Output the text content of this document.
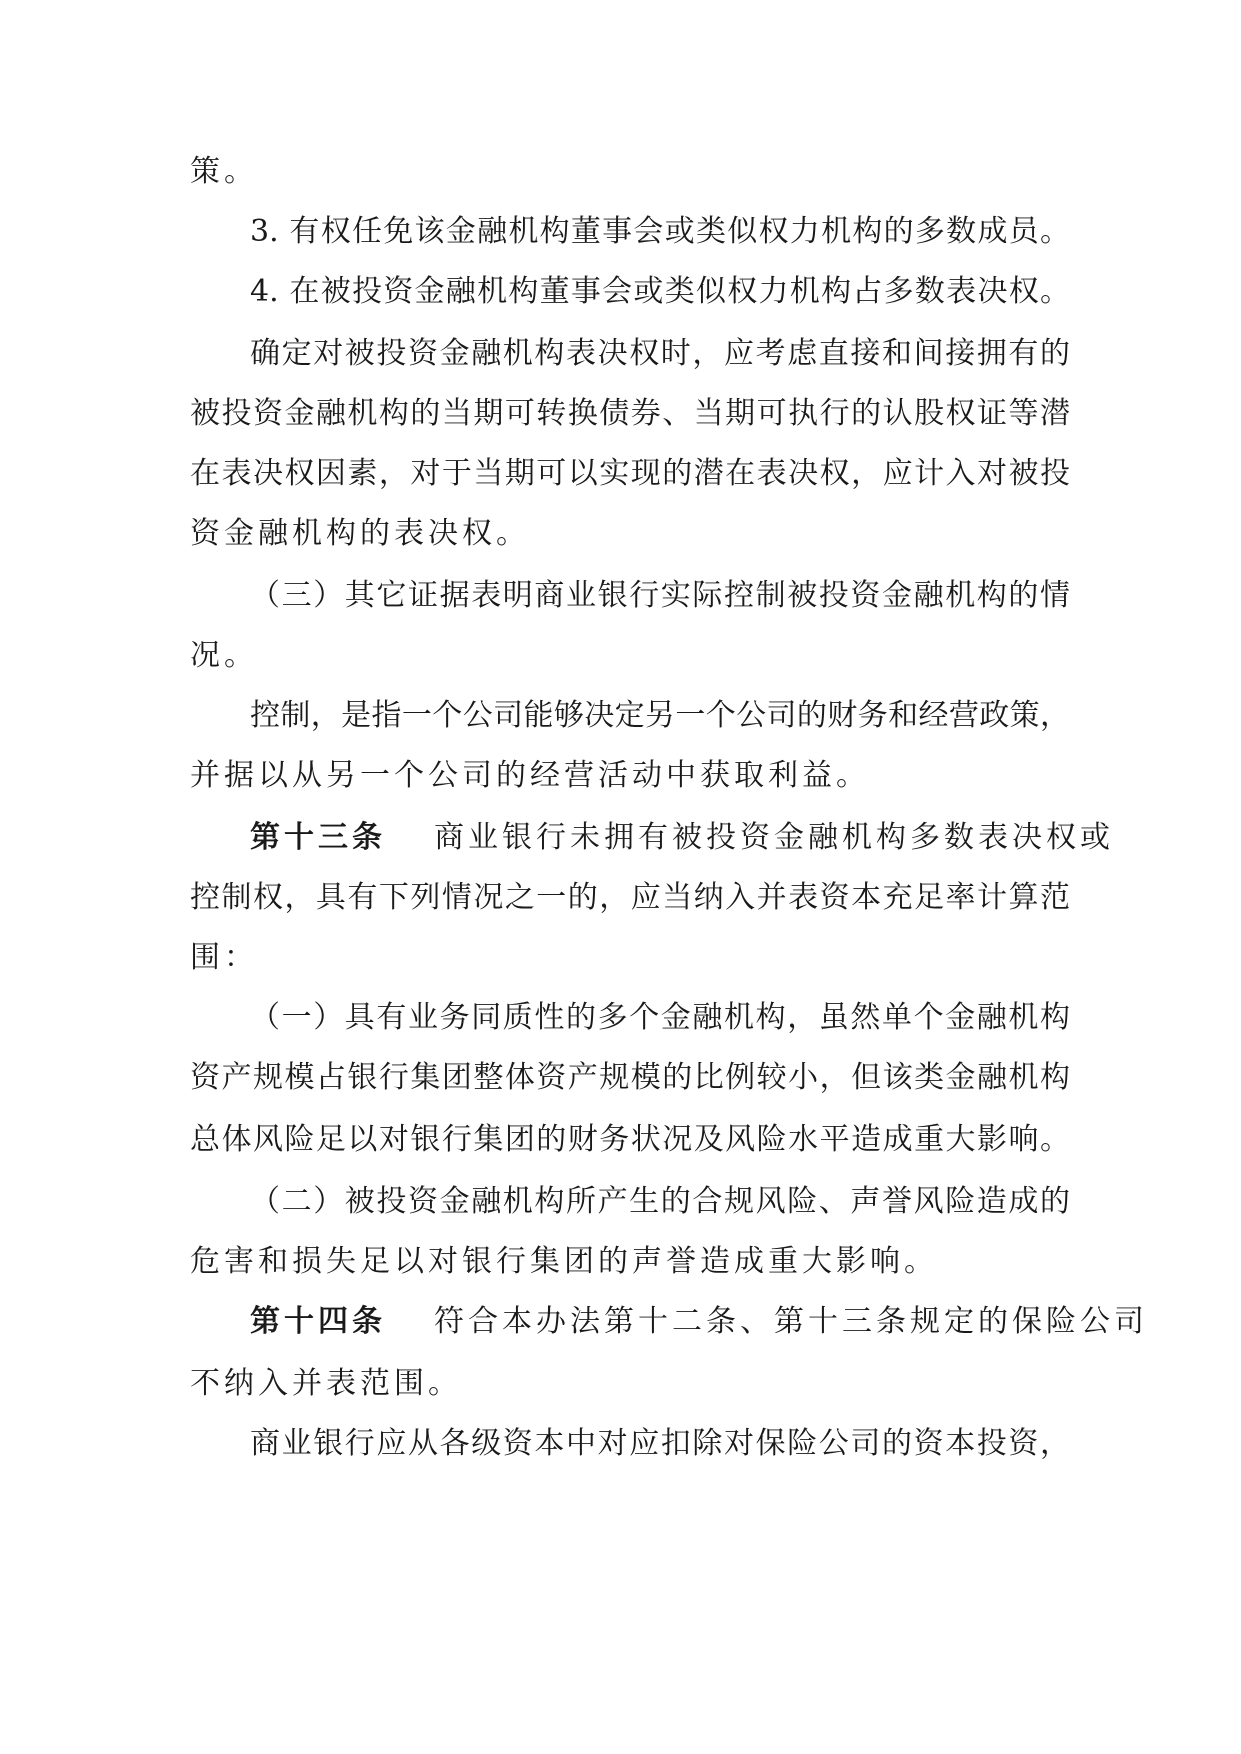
策。
3. 有权任免该金融机构董事会或类似权力机构的多数成员。
4. 在被投资金融机构董事会或类似权力机构占多数表决权。
确定对被投资金融机构表决权时，应考虑直接和间接拥有的
被投资金融机构的当期可转换债券、当期可执行的认股权证等潜
在表决权因素，对于当期可以实现的潜在表决权，应计入对被投
资金融机构的表决权。
（三）其它证据表明商业银行实际控制被投资金融机构的情
况。
控制，是指一个公司能够决定另一个公司的财务和经营政策，
并据以从另一个公司的经营活动中获取利益。
第十三条 商业银行未拥有被投资金融机构多数表决权或
控制权，具有下列情况之一的，应当纳入并表资本充足率计算范
围：
（一）具有业务同质性的多个金融机构，虽然单个金融机构
资产规模占银行集团整体资产规模的比例较小，但该类金融机构
总体风险足以对银行集团的财务状况及风险水平造成重大影响。
（二）被投资金融机构所产生的合规风险、声誉风险造成的
危害和损失足以对银行集团的声誉造成重大影响。
第十四条 符合本办法第十二条、第十三条规定的保险公司
不纳入并表范围。
商业银行应从各级资本中对应扣除对保险公司的资本投资，
